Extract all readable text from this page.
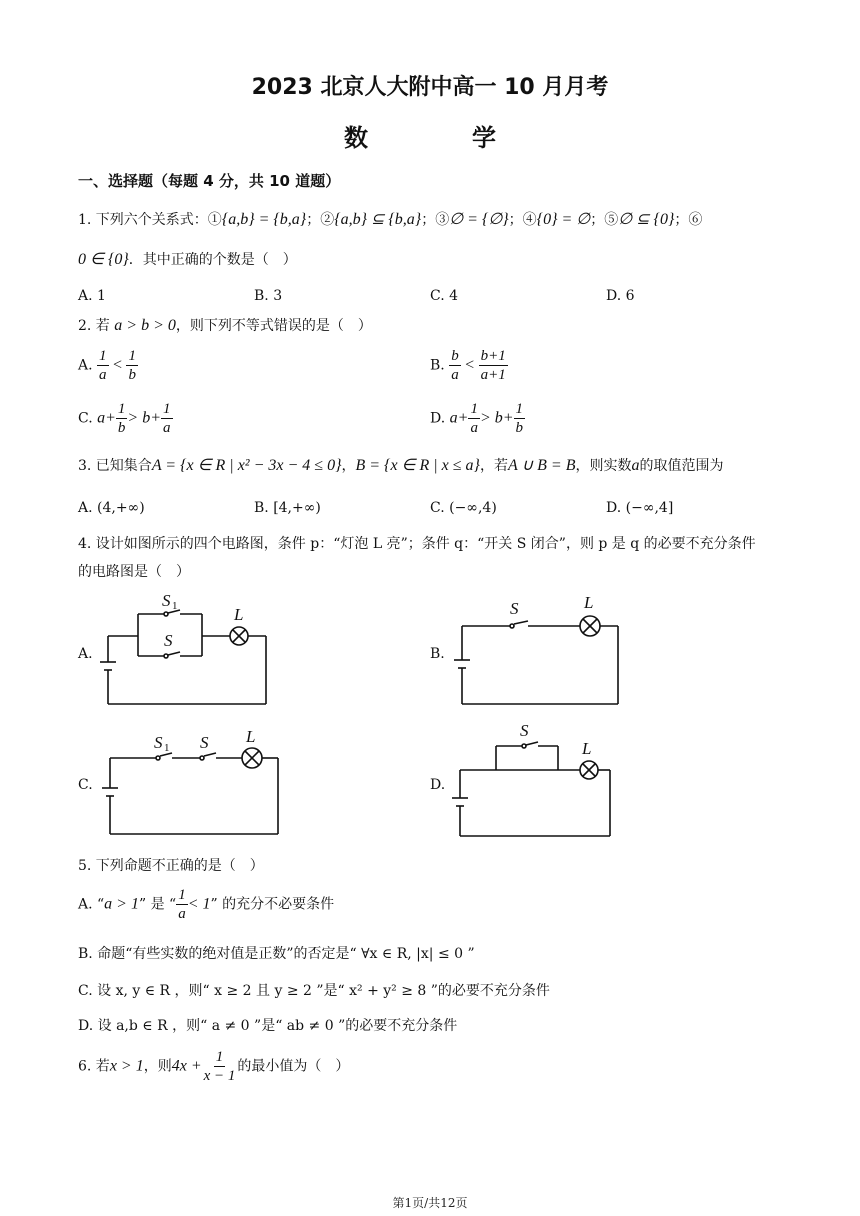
2023 北京人大附中高一 10 月月考
数　学
一、选择题（每题 4 分，共 10 道题）
1. 下列六个关系式：①{a,b} = {b,a}；②{a,b} ⊆ {b,a}；③∅ = {∅}；④{0} = ∅；⑤∅ ⊆ {0}；⑥
0 ∈ {0}．其中正确的个数是（　）
A. 1	B. 3	C. 4	D. 6
2. 若 a > b > 0，则下列不等式错误的是（　）
A. $\frac{1}{a} < \frac{1}{b}$	B. $\frac{b}{a} < \frac{b+1}{a+1}$
C. $a+ \frac{1}{b} > b+ \frac{1}{a}$	D. $a+ \frac{1}{a} > b+ \frac{1}{b}$
3. 已知集合A = {x ∈ R | x² − 3x − 4 ≤ 0}，B = {x ∈ R | x ≤ a}，若A ∪ B = B，则实数a的取值范围为
A. (4,+∞)	B. [4,+∞)	C. (−∞,4)	D. (−∞,4]
4. 设计如图所示的四个电路图，条件 p：“灯泡 L 亮”；条件 q：“开关 S 闭合”，则 p 是 q 的必要不充分条件
的电路图是（　）
A.	B.
C.	D.
S 1
S
L	S	L
S 1 S L	S
L
5. 下列命题不正确的是（　）
A. “a > 1” 是 “ $\frac{1}{a} < 1$” 的充分不必要条件
B. 命题“有些实数的绝对值是正数”的否定是“ ∀x ∈ R, |x| ≤ 0 ”
C. 设 x, y ∈ R ，则“ x ≥ 2 且 y ≥ 2 ”是“ x² + y² ≥ 8 ”的必要不充分条件
D. 设 a,b ∈ R ，则“ a ≠ 0 ”是“ ab ≠ 0 ”的必要不充分条件
6. 若x > 1，则$4x + \frac{1}{x - 1}$ 的最小值为（　）
第1页/共12页
